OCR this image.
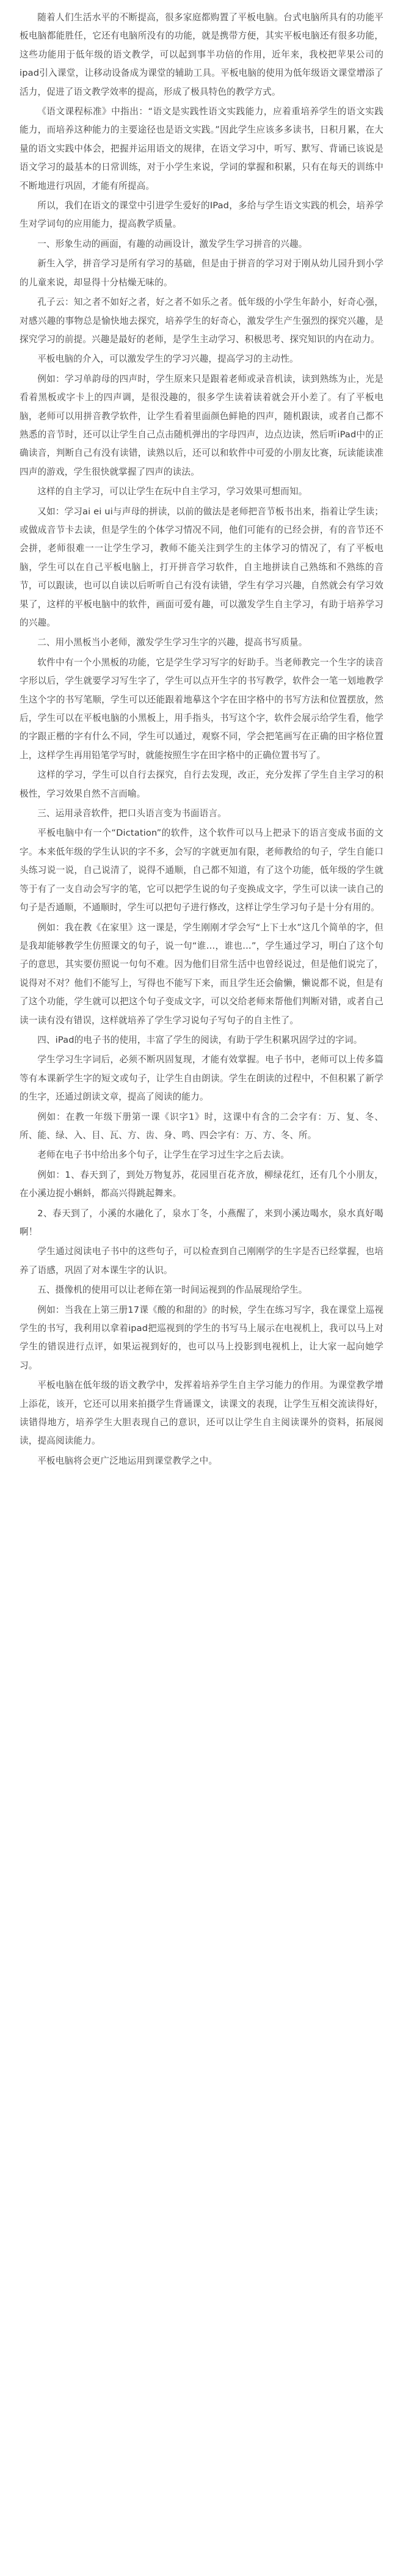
随着人们生活水平的不断提高，很多家庭都购置了平板电脑。台式电脑所具有的功能平板电脑都能胜任，它还有电脑所没有的功能，就是携带方便，其实平板电脑还有很多功能，这些功能用于低年级的语文教学，可以起到事半功倍的作用，近年来，我校把苹果公司的ipad引入课堂，让移动设备成为课堂的辅助工具。平板电脑的使用为低年级语文课堂增添了活力，促进了语文教学效率的提高，形成了极具特色的教学方式。

《语文课程标准》中指出：“语文是实践性语文实践能力，应着重培养学生的语文实践能力，而培养这种能力的主要途径也是语文实践。”因此学生应该多多读书，日积月累，在大量的语文实践中体会，把握并运用语文的规律，在语文学习中，听写、默写、背诵已该说是语文学习的最基本的日常训练，对于小学生来说，学词的掌握和积累，只有在每天的训练中不断地进行巩固，才能有所提高。

所以，我们在语文的课堂中引进学生爱好的IPad，多给与学生语文实践的机会，培养学生对学词句的应用能力，提高教学质量。

一、形象生动的画面，有趣的动画设计，激发学生学习拼音的兴趣。

新生入学，拼音学习是所有学习的基础，但是由于拼音的学习对于刚从幼儿园升到小学的儿童来说，却显得十分枯燥无味的。

孔子云：知之者不如好之者，好之者不如乐之者。低年级的小学生年龄小，好奇心强，对感兴趣的事物总是愉快地去探究，培养学生的好奇心，激发学生产生强烈的探究兴趣，是探究学习的前提。兴趣是最好的老师，是学生主动学习、积极思考、探究知识的内在动力。

平板电脑的介入，可以激发学生的学习兴趣，提高学习的主动性。

例如：学习单韵母的四声时，学生原来只是跟着老师或录音机读，读到熟练为止，光是看着黑板或字卡上的四声调，是很没趣的，很多学生读着读着就会开小差了。有了平板电脑，老师可以用拼音教学软件，让学生看着里面颜色鲜艳的四声，随机跟读，或者自己都不熟悉的音节时，还可以让学生自己点击随机弹出的字母四声，边点边读，然后听iPad中的正确读音，判断自己有没有读错，读熟以后，还可以和软件中可爱的小朋友比赛，玩读能读准四声的游戏，学生很快就掌握了四声的读法。

这样的自主学习，可以让学生在玩中自主学习，学习效果可想而知。

又如：学习ai ei ui与声母的拼读，以前的做法是老师把音节板书出来，指着让学生读；或做成音节卡去读，但是学生的个体学习情况不同，他们可能有的已经会拼，有的音节还不会拼，老师很难一一让学生学习，教师不能关注到学生的主体学习的情况了，有了平板电脑，学生可以在自己平板电脑上，打开拼音学习软件，自主地拼读自己熟练和不熟练的音节，可以跟读，也可以自读以后听听自己有没有读错，学生有学习兴趣，自然就会有学习效果了，这样的平板电脑中的软件，画面可爱有趣，可以激发学生自主学习，有助于培养学习的兴趣。

二、用小黑板当小老师，激发学生学习生字的兴趣，提高书写质量。

软件中有一个小黑板的功能，它是学生学习写字的好助手。当老师教完一个生字的读音字形以后，学生就要学习写生字了，学生可以点开生字的书写教学，软件会一笔一划地教学生这个字的书写笔顺，学生可以还能跟着地摹这个字在田字格中的书写方法和位置摆放，然后，学生可以在平板电脑的小黑板上，用手指头，书写这个字，软件会展示给学生看，他学的字跟正楷的字有什么不同，学生可以通过，观察不同，学会把笔画写在正确的田字格位置上，这样学生再用铅笔学写时，就能按照生字在田字格中的正确位置书写了。

这样的学习，学生可以自行去探究，自行去发现，改正，充分发挥了学生自主学习的积极性，学习效果自然不言而喻。

三、运用录音软件，把口头语言变为书面语言。

平板电脑中有一个“Dictation”的软件，这个软件可以马上把录下的语言变成书面的文字。本来低年级的学生认识的字不多，会写的字就更加有限，老师教给的句子，学生自能口头练习说一说，自己说清了，说得不通顺，自己都不知道，有了这个功能，低年级的学生就等于有了一支自动会写字的笔，它可以把学生说的句子变换成文字，学生可以读一读自己的句子是否通顺，不通顺时，学生可以把句子进行修改，这样让学生学习句子是十分有用的。

例如：我在教《在家里》这一课是，学生刚刚才学会写“上下士水”这几个简单的字，但是我却能够教学生仿照课文的句子，说一句“谁…，谁也…”，学生通过学习，明白了这个句子的意思，其实要仿照说一句句不难。因为他们目常生活中也曾经说过，但是他们说完了，说得对不对？他们不能写上，写得也不能写下来，而且学生还会偷懒，懒说都不说，但是有了这个功能，学生就可以把这个句子变成文字，可以交给老师来帮他们判断对错，或者自己读一读有没有错误，这样就培养了学生学习说句子写句子的自主性了。

四、iPad的电子书的使用，丰富了学生的阅读，有助于学生积累巩固学过的字词。

学生学习生字词后，必须不断巩固复现，才能有效掌握。电子书中，老师可以上传多篇等有本课新学生字的短文或句子，让学生自由朗读。学生在朗读的过程中，不但积累了新学的生字，还通过朗读文章，提高了阅读的能力。

例如：在教一年级下册第一课《识字1》时，这课中有含的二会字有：万、复、冬、所、能、绿、入、目、瓦、方、齿、身、鸣、四会字有：万、方、冬、所。

老师在电子书中给出多个句子，让学生在学习过生字之后去读。

例如：1、春天到了，到处万物复苏，花园里百花齐放，柳绿花红，还有几个小朋友，在小溪边捉小蝌蚪，都高兴得跳起舞来。

2、春天到了，小溪的水融化了，泉水丁冬，小燕醒了，来到小溪边喝水，泉水真好喝啊！

学生通过阅读电子书中的这些句子，可以检查到自己刚刚学的生字是否已经掌握，也培养了语感，巩固了对本课生字的认识。

五、摄像机的使用可以让老师在第一时间运视到的作品展现给学生。

例如：当我在上第三册17课《酸的和甜的》的时候，学生在练习写字，我在课堂上巡视学生的书写，我利用以拿着ipad把巡视到的学生的书写马上展示在电视机上，我可以马上对学生的错误进行点评，如果运视到好的，也可以马上投影到电视机上，让大家一起向她学习。

平板电脑在低年级的语文教学中，发挥着培养学生自主学习能力的作用。为课堂教学增上添花，该开，它还可以用来拍摄学生背诵课文，读课文的表现，让学生互相交流读得好，读错得地方，培养学生大胆表现自己的意识，还可以让学生自主阅读课外的资料，拓展阅读，提高阅读能力。

平板电脑将会更广泛地运用到课堂教学之中。
